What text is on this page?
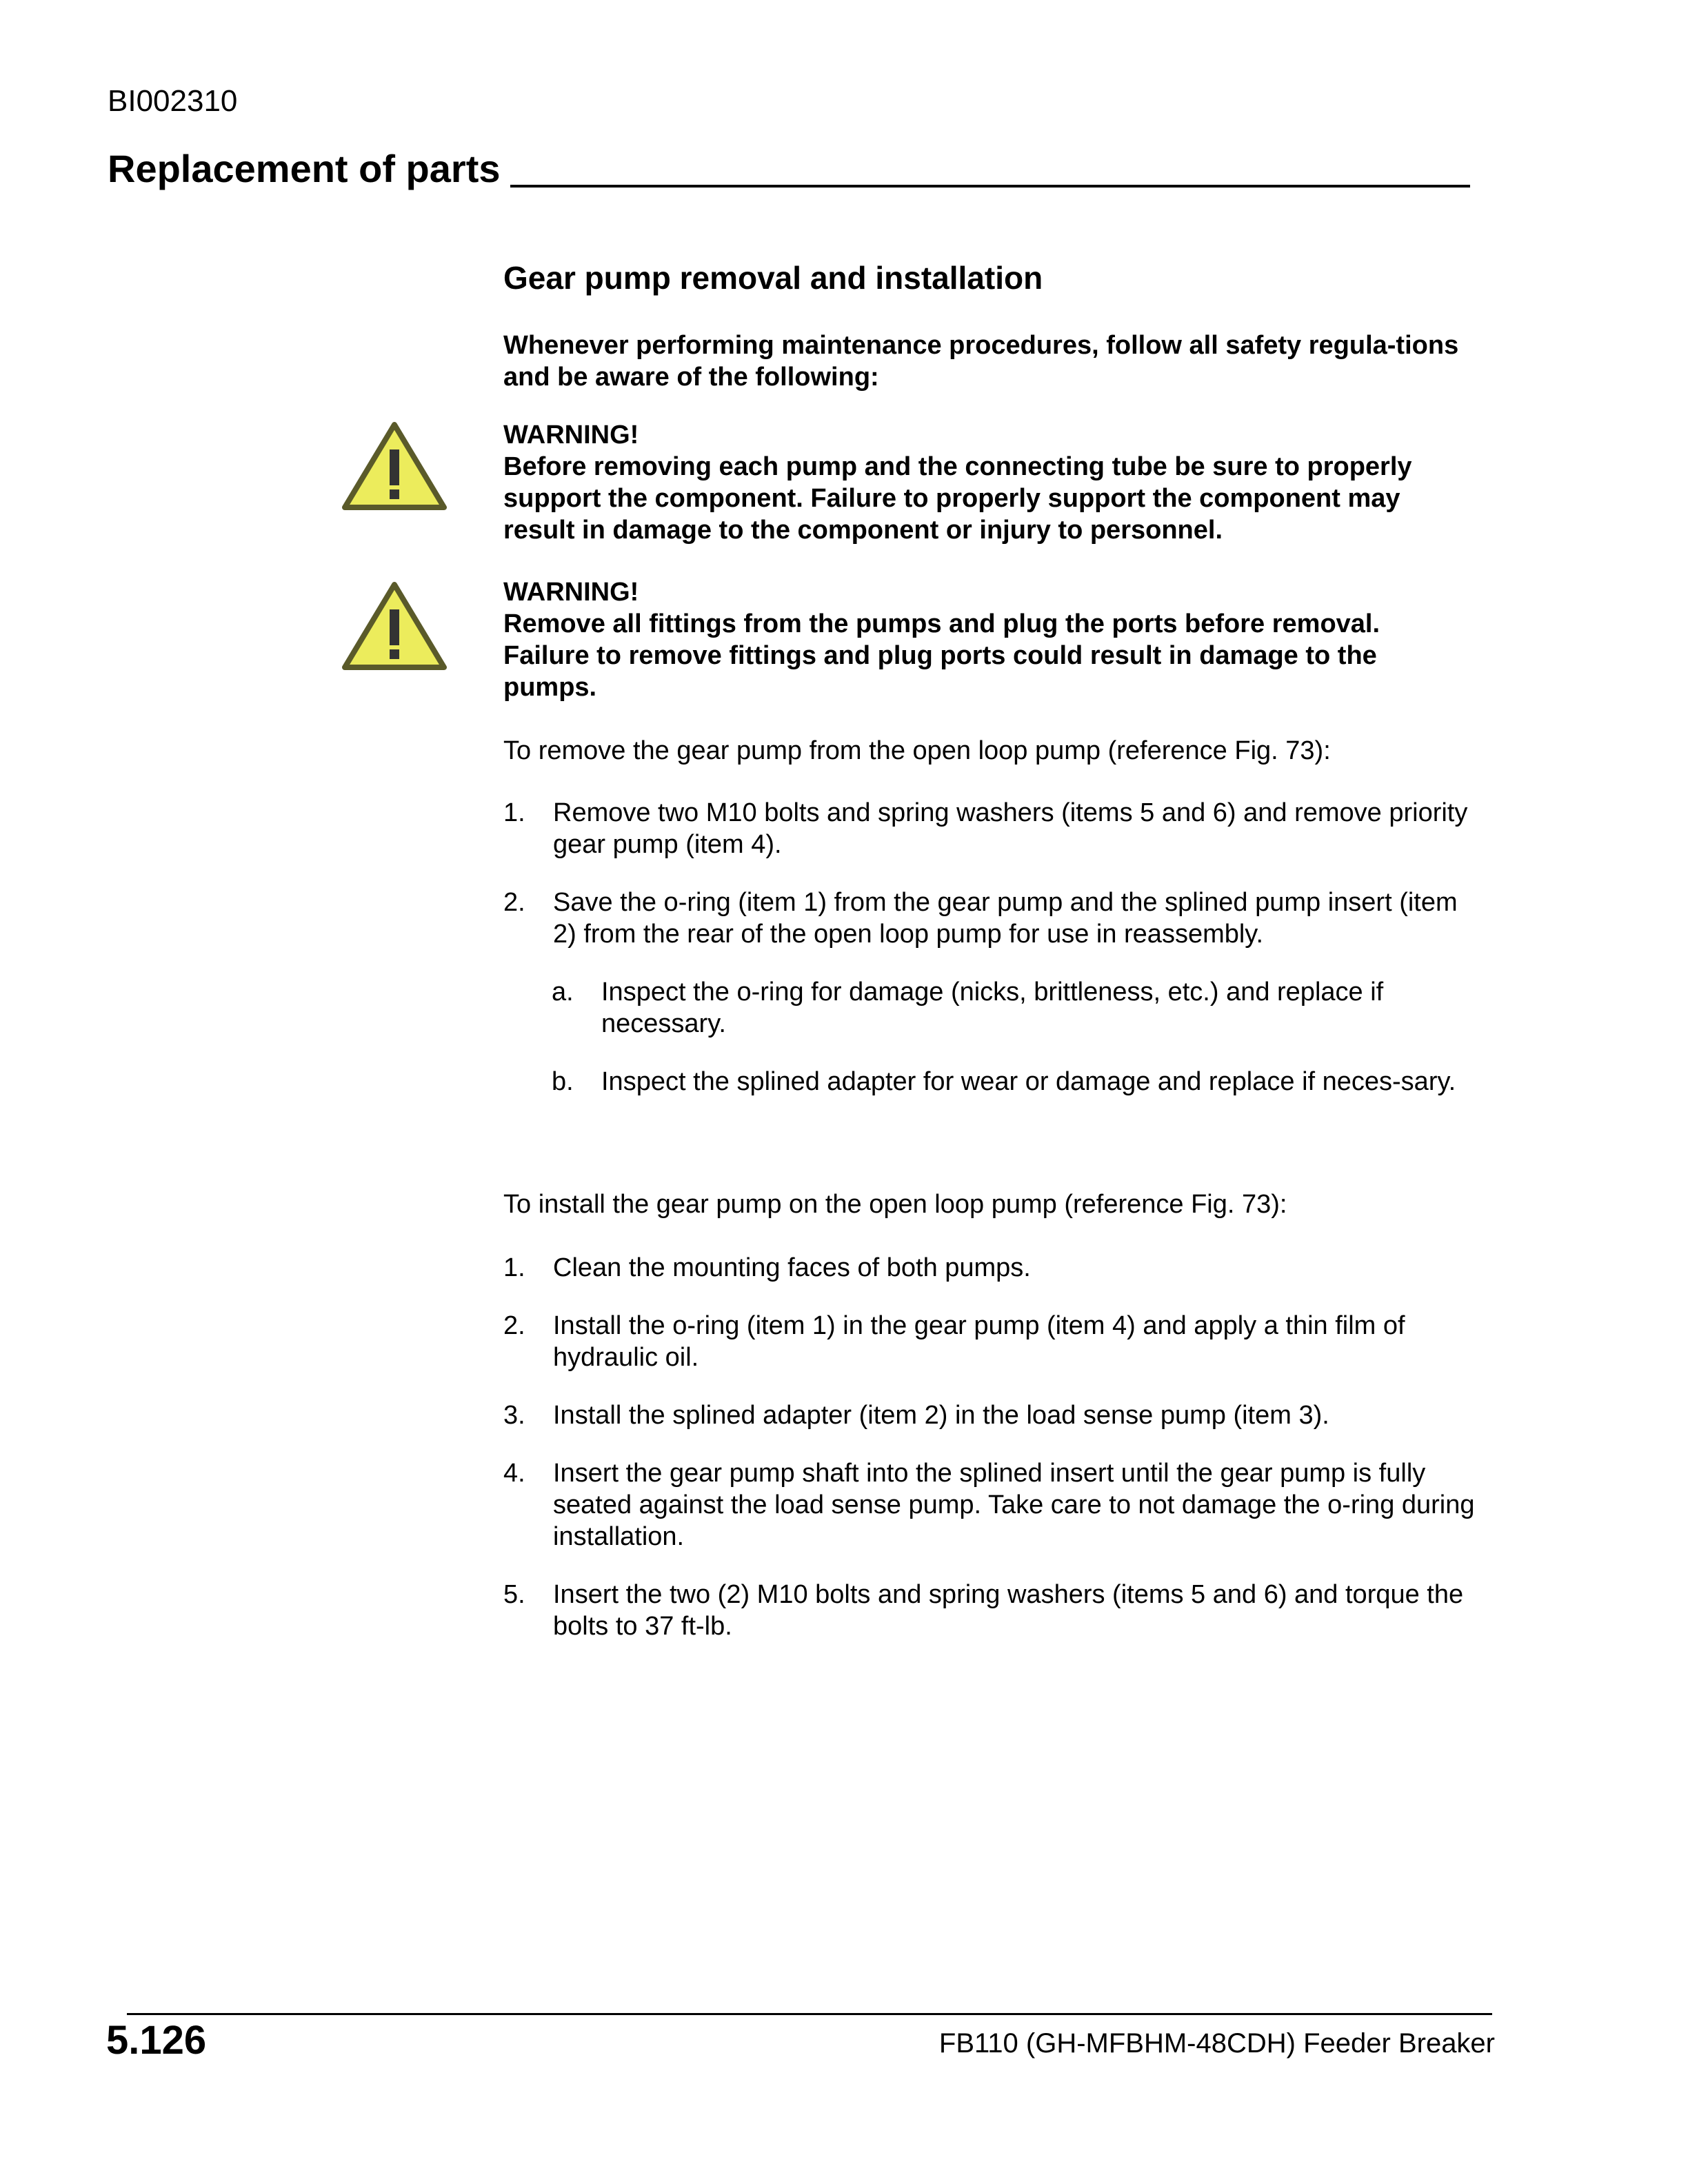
BI002310
Replacement of parts
Gear pump removal and installation
Whenever performing maintenance procedures, follow all safety regula-tions and be aware of the following:
WARNING!
Before removing each pump and the connecting tube be sure to properly support the component. Failure to properly support the component may result in damage to the component or injury to personnel.
WARNING!
Remove all fittings from the pumps and plug the ports before removal. Failure to remove fittings and plug ports could result in damage to the pumps.
To remove the gear pump from the open loop pump (reference Fig. 73):
1. Remove two M10 bolts and spring washers (items 5 and 6) and remove priority gear pump (item 4).
2. Save the o-ring (item 1) from the gear pump and the splined pump insert (item 2) from the rear of the open loop pump for use in reassembly.
a. Inspect the o-ring for damage (nicks, brittleness, etc.) and replace if necessary.
b. Inspect the splined adapter for wear or damage and replace if neces-sary.
To install the gear pump on the open loop pump (reference Fig. 73):
1. Clean the mounting faces of both pumps.
2. Install the o-ring (item 1) in the gear pump (item 4) and apply a thin film of hydraulic oil.
3. Install the splined adapter (item 2) in the load sense pump (item 3).
4. Insert the gear pump shaft into the splined insert until the gear pump is fully seated against the load sense pump. Take care to not damage the o-ring during installation.
5. Insert the two (2) M10 bolts and spring washers (items 5 and 6) and torque the bolts to 37 ft-lb.
5.126	FB110 (GH-MFBHM-48CDH) Feeder Breaker
